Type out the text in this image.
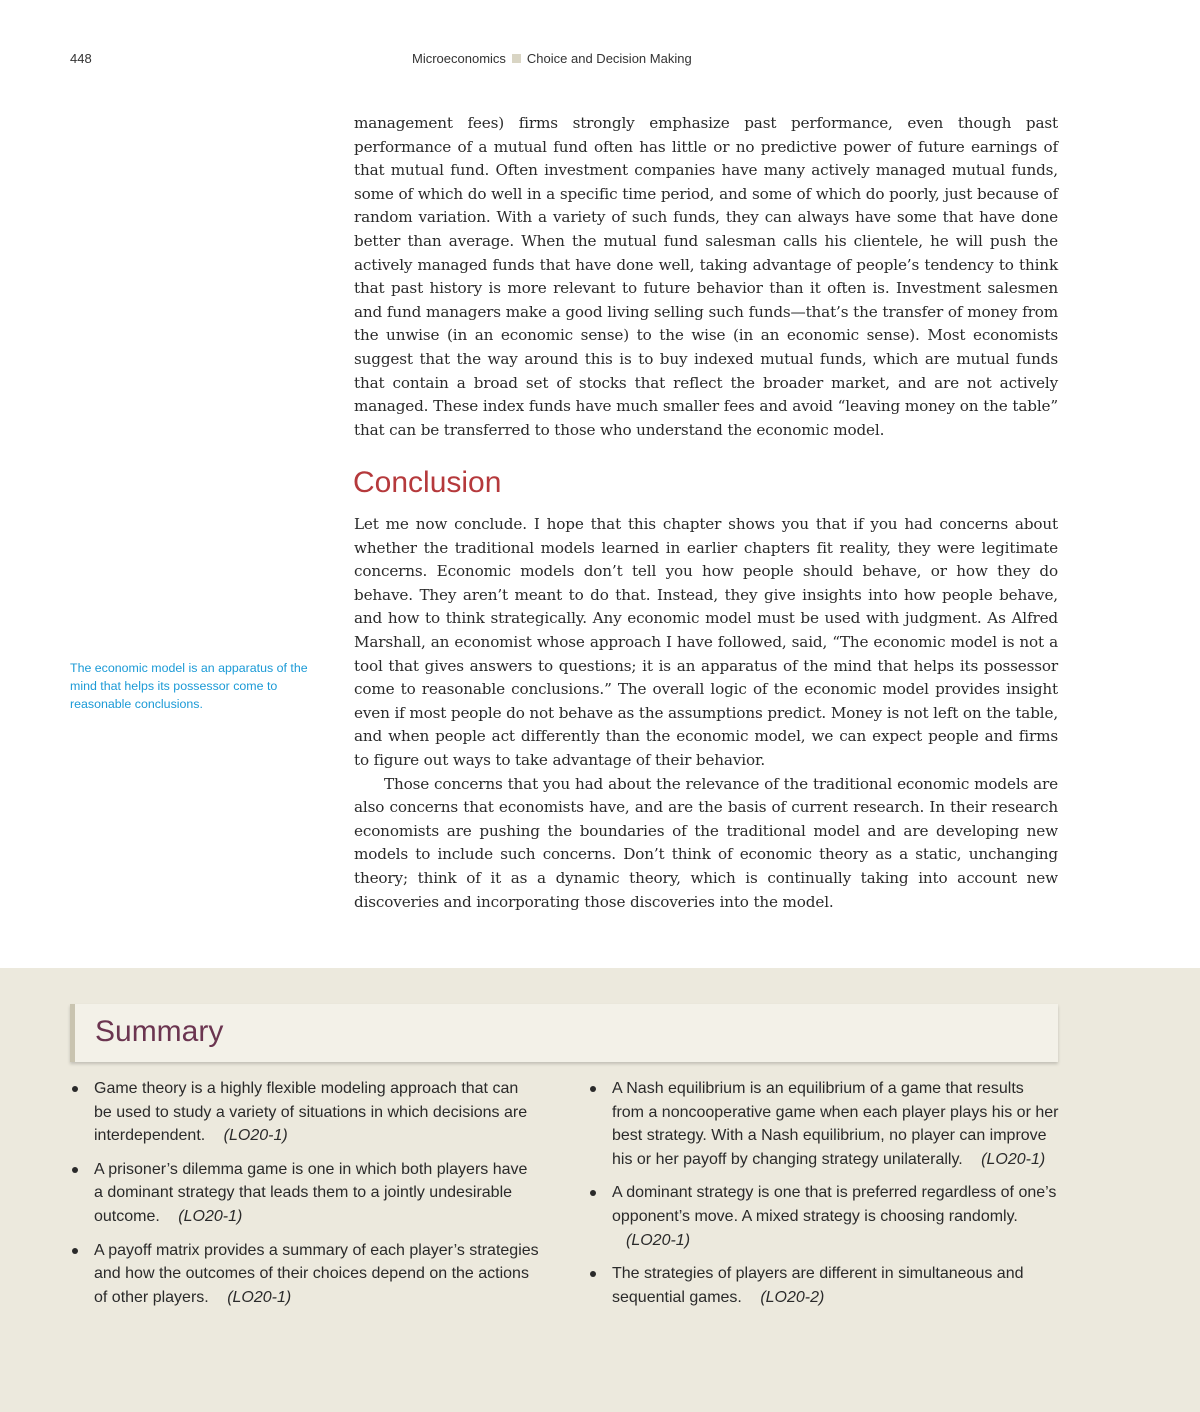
448	Microeconomics Choice and Decision Making

management fees) firms strongly emphasize past performance, even though past performance of a mutual fund often has little or no predictive power of future earnings of that mutual fund. Often investment companies have many actively managed mutual funds, some of which do well in a specific time period, and some of which do poorly, just because of random variation. With a variety of such funds, they can always have some that have done better than average. When the mutual fund salesman calls his clientele, he will push the actively managed funds that have done well, taking advantage of people’s tendency to think that past history is more relevant to future behavior than it often is. Investment salesmen and fund managers make a good living selling such funds—that’s the transfer of money from the unwise (in an economic sense) to the wise (in an economic sense). Most economists suggest that the way around this is to buy indexed mutual funds, which are mutual funds that contain a broad set of stocks that reflect the broader market, and are not actively managed. These index funds have much smaller fees and avoid “leaving money on the table” that can be transferred to those who understand the economic model.

Conclusion

Let me now conclude. I hope that this chapter shows you that if you had concerns about whether the traditional models learned in earlier chapters fit reality, they were legitimate concerns. Economic models don’t tell you how people should behave, or how they do behave. They aren’t meant to do that. Instead, they give insights into how people behave, and how to think strategically. Any economic model must be used with judgment. As Alfred Marshall, an economist whose approach I have followed, said, “The economic model is not a tool that gives answers to questions; it is an apparatus of the mind that helps its possessor come to reasonable conclusions.” The overall logic of the economic model provides insight even if most people do not behave as the assumptions predict. Money is not left on the table, and when people act differently than the economic model, we can expect people and firms to figure out ways to take advantage of their behavior.

Those concerns that you had about the relevance of the traditional economic models are also concerns that economists have, and are the basis of current research. In their research economists are pushing the boundaries of the traditional model and are developing new models to include such concerns. Don’t think of economic theory as a static, unchanging theory; think of it as a dynamic theory, which is continually taking into account new discoveries and incorporating those discoveries into the model.

The economic model is an apparatus of the mind that helps its possessor come to reasonable conclusions.
Summary
Game theory is a highly flexible modeling approach that can be used to study a variety of situations in which decisions are interdependent. (LO20-1)
A prisoner’s dilemma game is one in which both players have a dominant strategy that leads them to a jointly undesirable outcome. (LO20-1)
A payoff matrix provides a summary of each player’s strategies and how the outcomes of their choices depend on the actions of other players. (LO20-1)
A Nash equilibrium is an equilibrium of a game that results from a noncooperative game when each player plays his or her best strategy. With a Nash equilibrium, no player can improve his or her payoff by changing strategy unilaterally. (LO20-1)
A dominant strategy is one that is preferred regardless of one’s opponent’s move. A mixed strategy is choosing randomly. (LO20-1)
The strategies of players are different in simultaneous and sequential games. (LO20-2)
